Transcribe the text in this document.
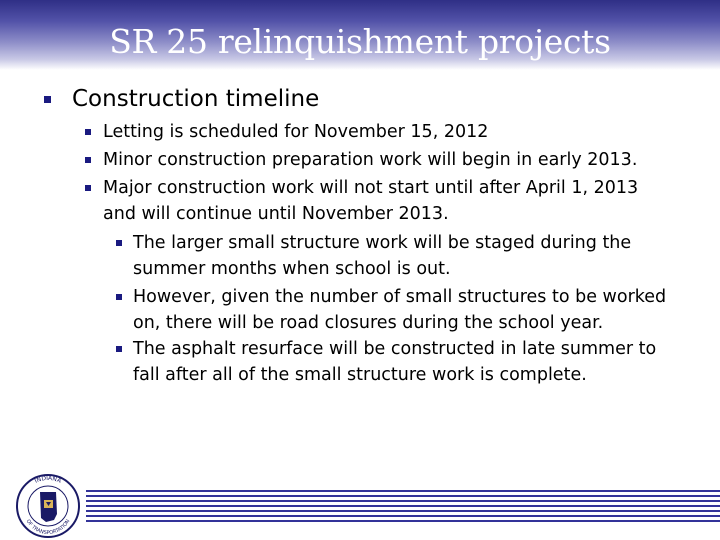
SR 25 relinquishment projects
Construction timeline
Letting is scheduled for November 15, 2012
Minor construction preparation work will begin in early 2013.
Major construction work will not start until after April 1, 2013 and will continue until November 2013.
The larger small structure work will be staged during the summer months when school is out.
However, given the number of small structures to be worked on, there will be road closures during the school year.
The asphalt resurface will be constructed in late summer to fall after all of the small structure work is complete.
INDIANA
OF TRANSPORTATION
